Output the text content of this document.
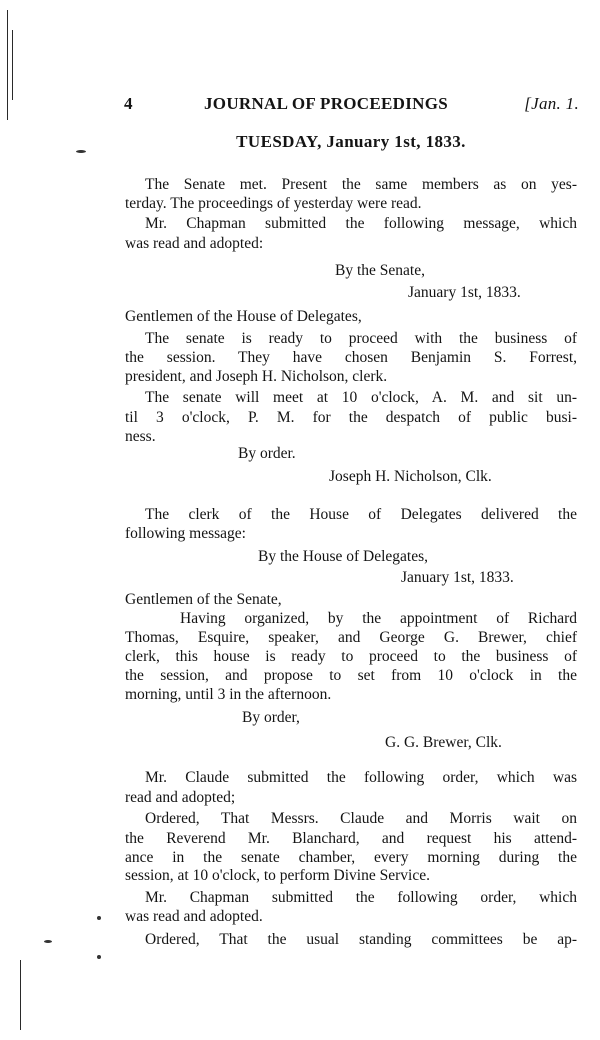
4	JOURNAL OF PROCEEDINGS	[Jan. 1.
TUESDAY, January 1st, 1833.
The Senate met. Present the same members as on yes-
terday. The proceedings of yesterday were read.
Mr. Chapman submitted the following message, which
was read and adopted:
By the Senate,
January 1st, 1833.
Gentlemen of the House of Delegates,
The senate is ready to proceed with the business of
the session. They have chosen Benjamin S. Forrest,
president, and Joseph H. Nicholson, clerk.
The senate will meet at 10 o'clock, A. M. and sit un-
til 3 o'clock, P. M. for the despatch of public busi-
ness.
By order.
Joseph H. Nicholson, Clk.
The clerk of the House of Delegates delivered the
following message:
By the House of Delegates,
January 1st, 1833.
Gentlemen of the Senate,
Having organized, by the appointment of Richard
Thomas, Esquire, speaker, and George G. Brewer, chief
clerk, this house is ready to proceed to the business of
the session, and propose to set from 10 o'clock in the
morning, until 3 in the afternoon.
By order,
G. G. Brewer, Clk.
Mr. Claude submitted the following order, which was
read and adopted;
Ordered, That Messrs. Claude and Morris wait on
the Reverend Mr. Blanchard, and request his attend-
ance in the senate chamber, every morning during the
session, at 10 o'clock, to perform Divine Service.
Mr. Chapman submitted the following order, which
was read and adopted.
Ordered, That the usual standing committees be ap-
